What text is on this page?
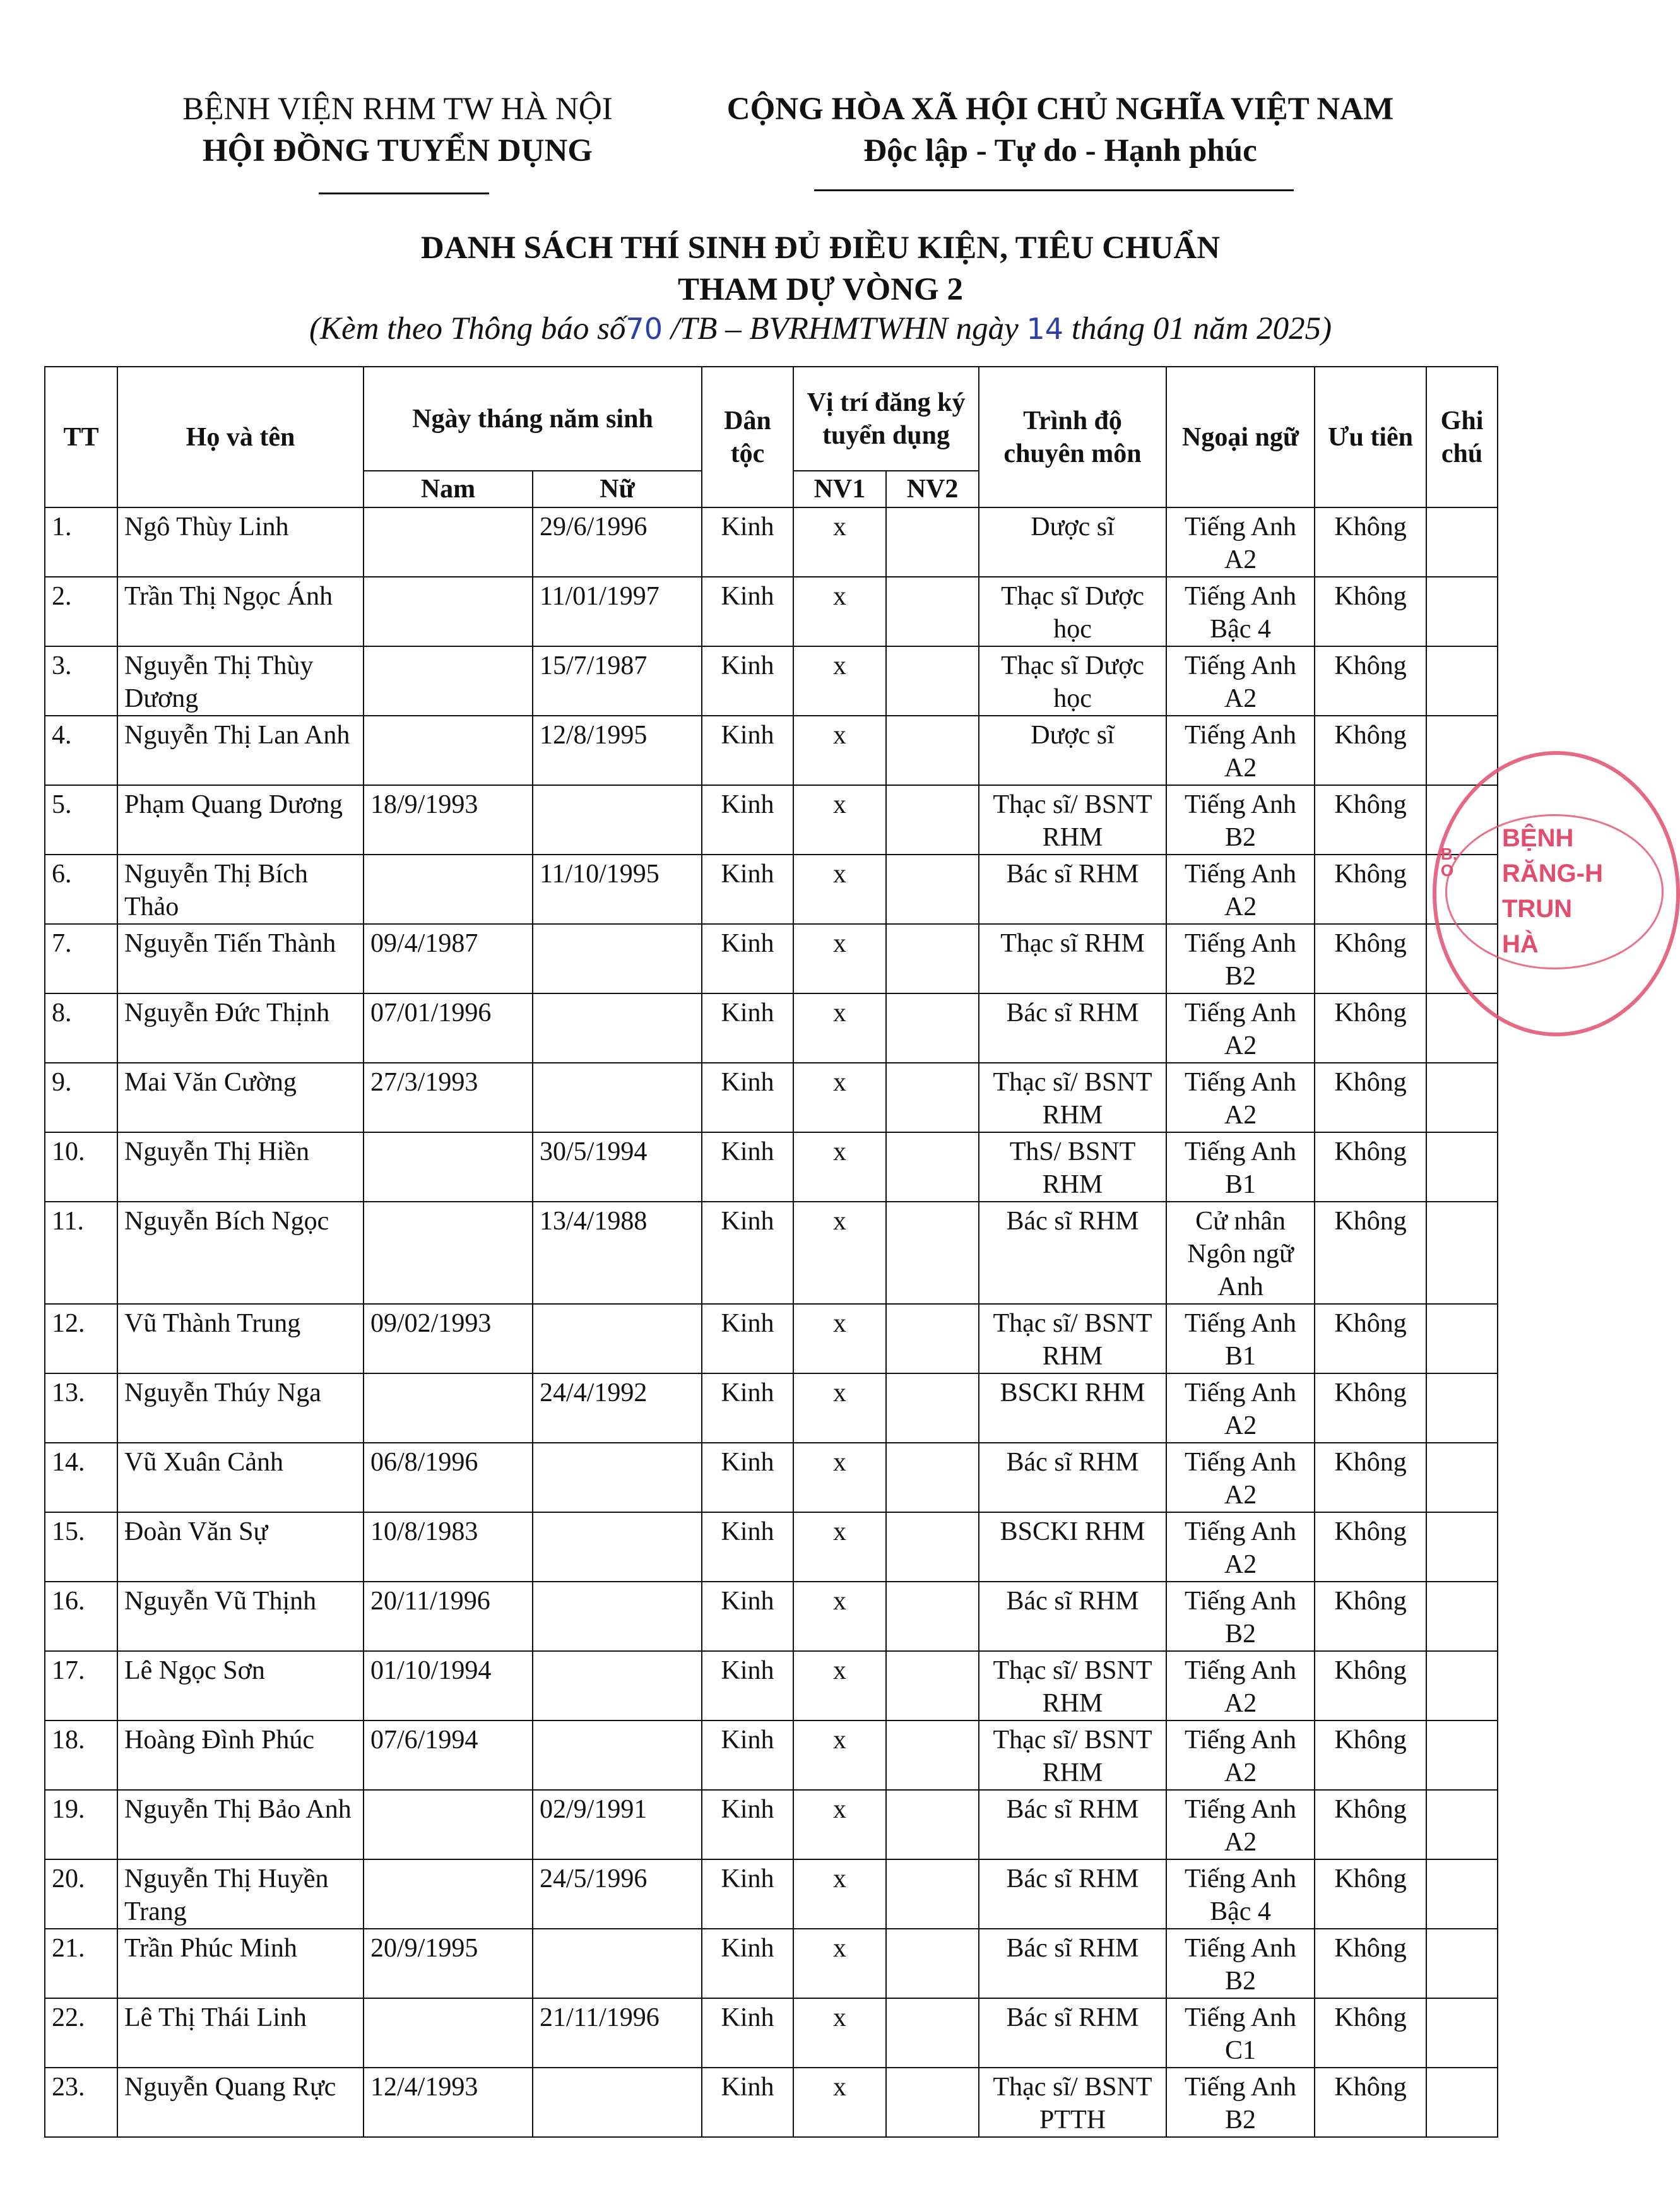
BỆNH VIỆN RHM TW HÀ NỘI
HỘI ĐỒNG TUYỂN DỤNG
CỘNG HÒA XÃ HỘI CHỦ NGHĨA VIỆT NAM
Độc lập - Tự do - Hạnh phúc
DANH SÁCH THÍ SINH ĐỦ ĐIỀU KIỆN, TIÊU CHUẨN
THAM DỰ VÒNG 2
(Kèm theo Thông báo số70 /TB – BVRHMTWHN ngày 14 tháng 01 năm 2025)
TT	Họ và tên	Ngày tháng năm sinh		Dân tộc	Vị trí đăng ký tuyển dụng		Trình độ chuyên môn	Ngoại ngữ	Ưu tiên	Ghi chú
		Nam	Nữ		NV1	NV2				
1.	Ngô Thùy Linh		29/6/1996	Kinh	x		Dược sĩ	Tiếng Anh A2	Không	
2.	Trần Thị Ngọc Ánh		11/01/1997	Kinh	x		Thạc sĩ Dược học	Tiếng Anh Bậc 4	Không	
3.	Nguyễn Thị Thùy Dương		15/7/1987	Kinh	x		Thạc sĩ Dược học	Tiếng Anh A2	Không	
4.	Nguyễn Thị Lan Anh		12/8/1995	Kinh	x		Dược sĩ	Tiếng Anh A2	Không	
5.	Phạm Quang Dương	18/9/1993		Kinh	x		Thạc sĩ/ BSNT RHM	Tiếng Anh B2	Không	
6.	Nguyễn Thị Bích Thảo		11/10/1995	Kinh	x		Bác sĩ RHM	Tiếng Anh A2	Không	
7.	Nguyễn Tiến Thành	09/4/1987		Kinh	x		Thạc sĩ RHM	Tiếng Anh B2	Không	
8.	Nguyễn Đức Thịnh	07/01/1996		Kinh	x		Bác sĩ RHM	Tiếng Anh A2	Không	
9.	Mai Văn Cường	27/3/1993		Kinh	x		Thạc sĩ/ BSNT RHM	Tiếng Anh A2	Không	
10.	Nguyễn Thị Hiền		30/5/1994	Kinh	x		ThS/ BSNT RHM	Tiếng Anh B1	Không	
11.	Nguyễn Bích Ngọc		13/4/1988	Kinh	x		Bác sĩ RHM	Cử nhân Ngôn ngữ Anh	Không	
12.	Vũ Thành Trung	09/02/1993		Kinh	x		Thạc sĩ/ BSNT RHM	Tiếng Anh B1	Không	
13.	Nguyễn Thúy Nga		24/4/1992	Kinh	x		BSCKI RHM	Tiếng Anh A2	Không	
14.	Vũ Xuân Cảnh	06/8/1996		Kinh	x		Bác sĩ RHM	Tiếng Anh A2	Không	
15.	Đoàn Văn Sự	10/8/1983		Kinh	x		BSCKI RHM	Tiếng Anh A2	Không	
16.	Nguyễn Vũ Thịnh	20/11/1996		Kinh	x		Bác sĩ RHM	Tiếng Anh B2	Không	
17.	Lê Ngọc Sơn	01/10/1994		Kinh	x		Thạc sĩ/ BSNT RHM	Tiếng Anh A2	Không	
18.	Hoàng Đình Phúc	07/6/1994		Kinh	x		Thạc sĩ/ BSNT RHM	Tiếng Anh A2	Không	
19.	Nguyễn Thị Bảo Anh		02/9/1991	Kinh	x		Bác sĩ RHM	Tiếng Anh A2	Không	
20.	Nguyễn Thị Huyền Trang		24/5/1996	Kinh	x		Bác sĩ RHM	Tiếng Anh Bậc 4	Không	
21.	Trần Phúc Minh	20/9/1995		Kinh	x		Bác sĩ RHM	Tiếng Anh B2	Không	
22.	Lê Thị Thái Linh		21/11/1996	Kinh	x		Bác sĩ RHM	Tiếng Anh C1	Không	
23.	Nguyễn Quang Rực	12/4/1993		Kinh	x		Thạc sĩ/ BSNT PTTH	Tiếng Anh B2	Không	
BỆNH
RĂNG-H
TRUN
HÀ
B.O
